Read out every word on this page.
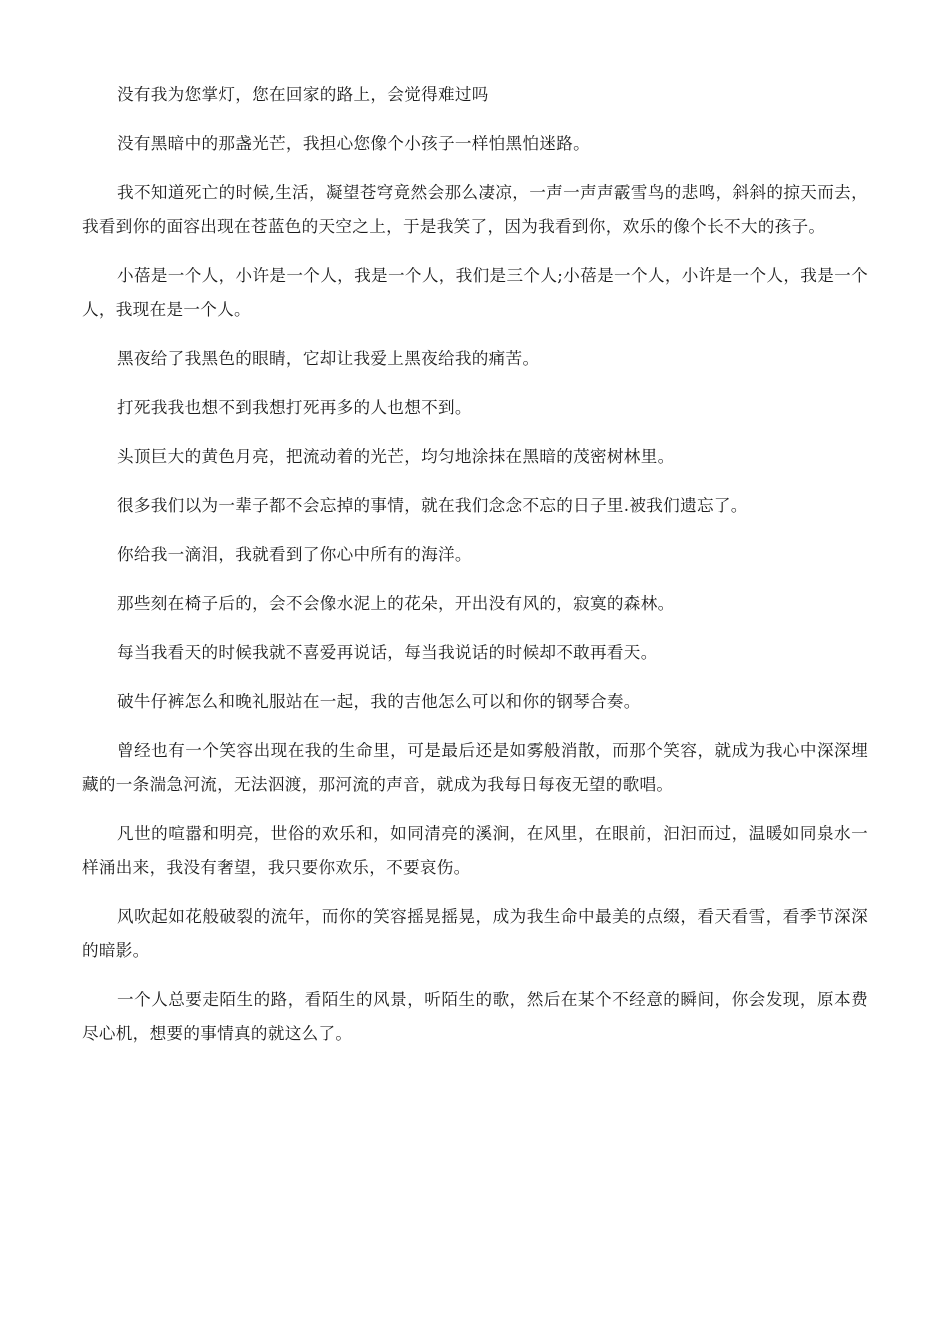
没有我为您掌灯，您在回家的路上，会觉得难过吗

没有黑暗中的那盏光芒，我担心您像个小孩子一样怕黑怕迷路。

我不知道死亡的时候,生活，凝望苍穹竟然会那么凄凉，一声一声声霰雪鸟的悲鸣，斜斜的掠天而去，我看到你的面容出现在苍蓝色的天空之上，于是我笑了，因为我看到你，欢乐的像个长不大的孩子。

小蓓是一个人，小许是一个人，我是一个人，我们是三个人;小蓓是一个人，小许是一个人，我是一个人，我现在是一个人。

黑夜给了我黑色的眼睛，它却让我爱上黑夜给我的痛苦。

打死我我也想不到我想打死再多的人也想不到。

头顶巨大的黄色月亮，把流动着的光芒，均匀地涂抹在黑暗的茂密树林里。

很多我们以为一辈子都不会忘掉的事情，就在我们念念不忘的日子里.被我们遗忘了。

你给我一滴泪，我就看到了你心中所有的海洋。

那些刻在椅子后的，会不会像水泥上的花朵，开出没有风的，寂寞的森林。

每当我看天的时候我就不喜爱再说话，每当我说话的时候却不敢再看天。

破牛仔裤怎么和晚礼服站在一起，我的吉他怎么可以和你的钢琴合奏。

曾经也有一个笑容出现在我的生命里，可是最后还是如雾般消散，而那个笑容，就成为我心中深深埋藏的一条湍急河流，无法泅渡，那河流的声音，就成为我每日每夜无望的歌唱。

凡世的喧嚣和明亮，世俗的欢乐和，如同清亮的溪涧，在风里，在眼前，汩汩而过，温暖如同泉水一样涌出来，我没有奢望，我只要你欢乐，不要哀伤。

风吹起如花般破裂的流年，而你的笑容摇晃摇晃，成为我生命中最美的点缀，看天看雪，看季节深深的暗影。

一个人总要走陌生的路，看陌生的风景，听陌生的歌，然后在某个不经意的瞬间，你会发现，原本费尽心机，想要的事情真的就这么了。
